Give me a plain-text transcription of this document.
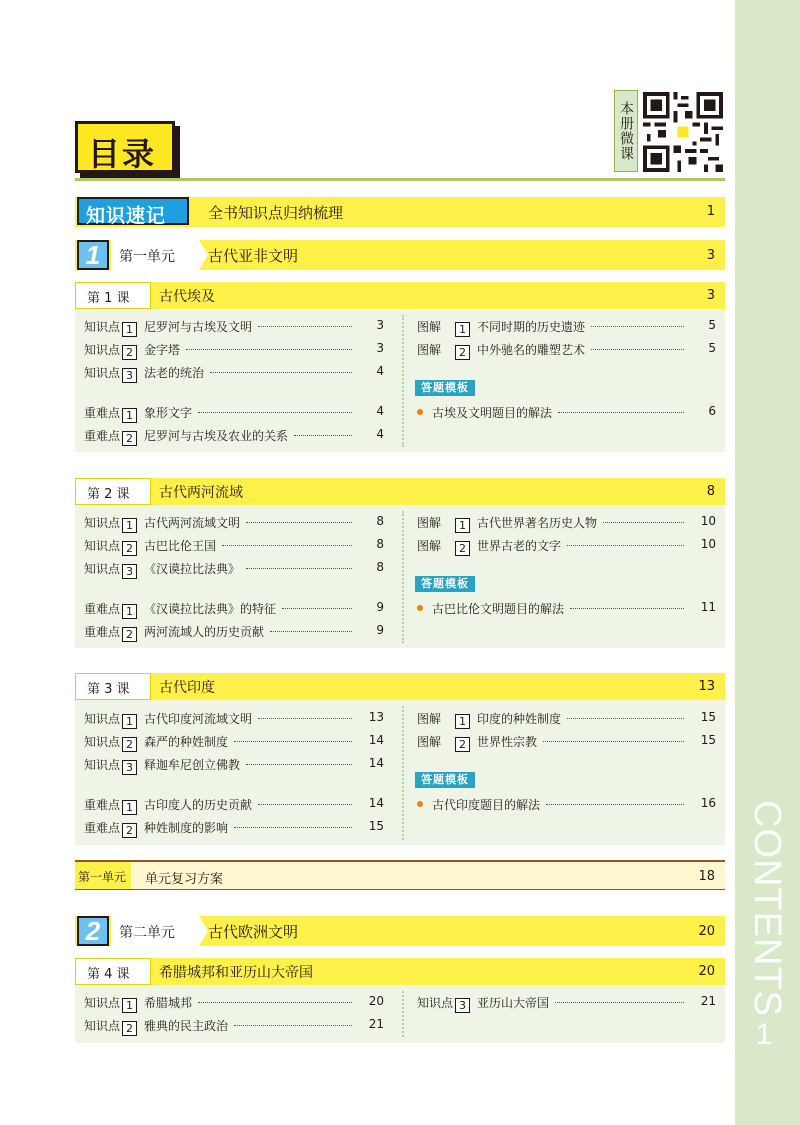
CONTENTS
1
目录	本册微课
知识速记	全书知识点归纳梳理	1
1	第一单元 古代亚非文明	3
第 1 课 古代埃及	3
知识点 1 尼罗河与古埃及文明	3
知识点 2 金字塔	3
知识点 3 法老的统治	4
重难点 1 象形文字	4
重难点 2 尼罗河与古埃及农业的关系	4
图解 1 不同时期的历史遗迹	5
图解 2 中外驰名的雕塑艺术	5
答题模板
古埃及文明题目的解法	6
第 2 课 古代两河流域	8
知识点 1 古代两河流域文明	8
知识点 2 古巴比伦王国	8
知识点 3 《汉谟拉比法典》	8
重难点 1 《汉谟拉比法典》的特征	9
重难点 2 两河流域人的历史贡献	9
图解 1 古代世界著名历史人物	10
图解 2 世界古老的文字	10
答题模板
古巴比伦文明题目的解法	11
第 3 课 古代印度	13
知识点 1 古代印度河流域文明	13
知识点 2 森严的种姓制度	14
知识点 3 释迦牟尼创立佛教	14
重难点 1 古印度人的历史贡献	14
重难点 2 种姓制度的影响	15
图解 1 印度的种姓制度	15
图解 2 世界性宗教	15
答题模板
古代印度题目的解法	16
第一单元 单元复习方案	18
2	第二单元 古代欧洲文明	20
第 4 课 希腊城邦和亚历山大帝国	20
知识点 1 希腊城邦	20
知识点 2 雅典的民主政治	21
知识点 3 亚历山大帝国	21
